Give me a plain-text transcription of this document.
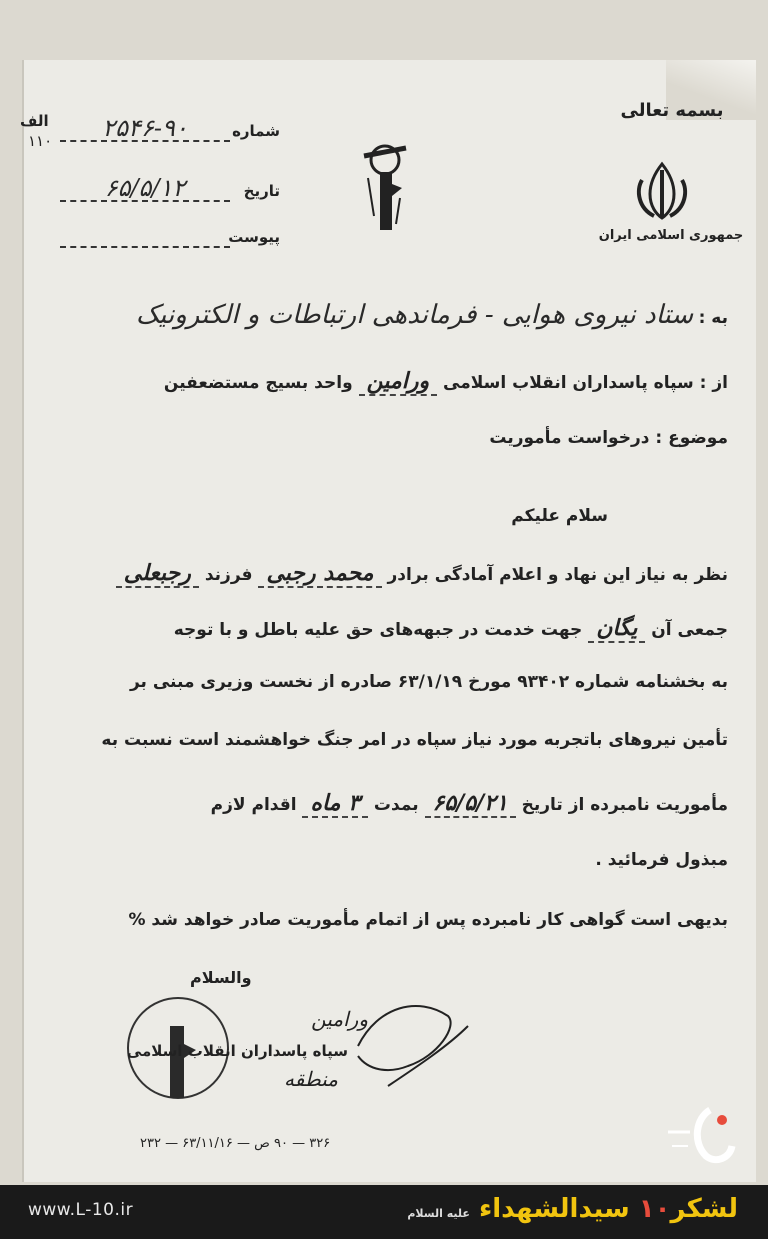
بسمه تعالی
جمهوری اسلامی ایران
الف
۱۱۰	۲۵۴۶-۹۰	شماره
۶۵/۵/۱۲	تاریخ
پیوست
به : ستاد نیروی هوایی - فرماندهی ارتباطات و الکترونیک
از : سپاه پاسداران انقلاب اسلامی ورامین واحد بسیج مستضعفین
موضوع : درخواست مأموریت
سلام علیکم
نظر به نیاز این نهاد و اعلام آمادگی برادر محمد رجبی فرزند رجبعلی
جمعی آن یگان جهت خدمت در جبهه‌های حق علیه باطل و با توجه
به بخشنامه شماره ۹۳۴۰۲ مورخ ۶۳/۱/۱۹ صادره از نخست وزیری مبنی بر
تأمین نیروهای باتجربه مورد نیاز سپاه در امر جنگ خواهشمند است نسبت به
مأموریت نامبرده از تاریخ ۶۵/۵/۲۱ بمدت ۳ ماه اقدام لازم
مبذول فرمائید .
بدیهی است گواهی کار نامبرده پس از اتمام مأموریت صادر خواهد شد %
والسلام
سپاه پاسداران انقلاب اسلامی
ورامین
منطقه
۳۲۶ — ۹۰ ص — ۶۳/۱۱/۱۶ — ۲۳۲
www.L-10.ir	لشکر۱۰ سیدالشهداء علیه السلام
